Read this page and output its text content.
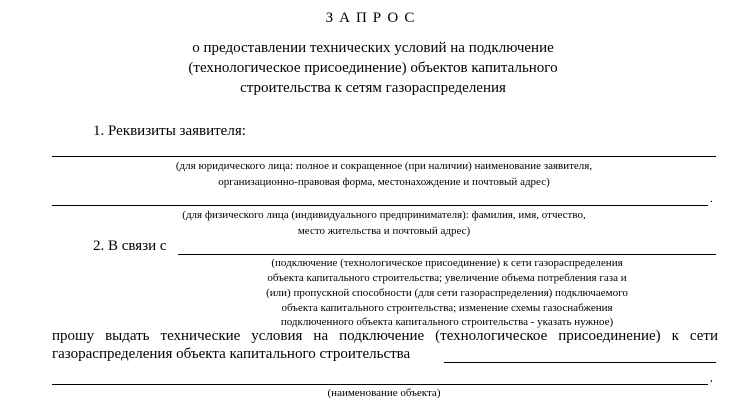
ЗАПРОС
о предоставлении технических условий на подключение
(технологическое присоединение) объектов капитального
строительства к сетям газораспределения
1. Реквизиты заявителя:
(для юридического лица: полное и сокращенное (при наличии) наименование заявителя,
организационно-правовая форма, местонахождение и почтовый адрес)
.
(для физического лица (индивидуального предпринимателя): фамилия, имя, отчество,
место жительства и почтовый адрес)
2. В связи с
(подключение (технологическое присоединение) к сети газораспределения
объекта капитального строительства; увеличение объема потребления газа и
(или) пропускной способности (для сети газораспределения) подключаемого
объекта капитального строительства; изменение схемы газоснабжения
подключенного объекта капитального строительства - указать нужное)
прошу выдать технические условия на подключение (технологическое присоединение) к сети
газораспределения объекта капитального строительства
,
(наименование объекта)
